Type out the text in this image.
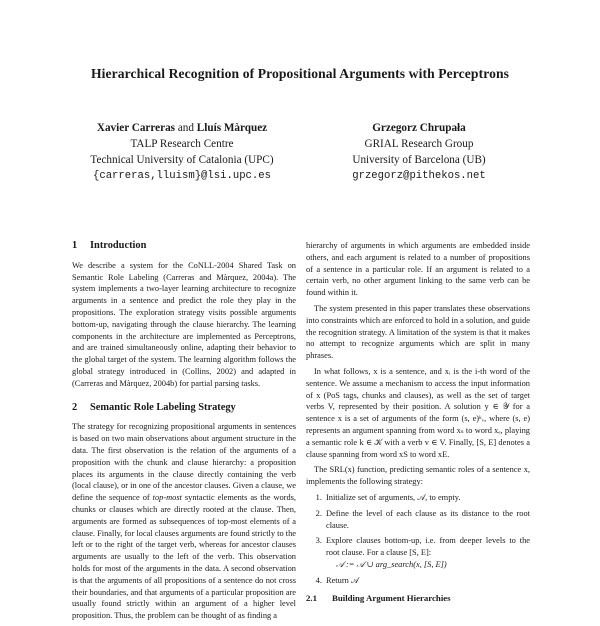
Hierarchical Recognition of Propositional Arguments with Perceptrons
Xavier Carreras and Lluís Màrquez
TALP Research Centre
Technical University of Catalonia (UPC)
{carreras,lluism}@lsi.upc.es
Grzegorz Chrupała
GRIAL Research Group
University of Barcelona (UB)
grzegorz@pithekos.net
1 Introduction

We describe a system for the CoNLL-2004 Shared Task on Semantic Role Labeling (Carreras and Màrquez, 2004a). The system implements a two-layer learning architecture to recognize arguments in a sentence and predict the role they play in the propositions. The exploration strategy visits possible arguments bottom-up, navigating through the clause hierarchy. The learning components in the architecture are implemented as Perceptrons, and are trained simultaneously online, adapting their behavior to the global target of the system. The learning algorithm follows the global strategy introduced in (Collins, 2002) and adapted in (Carreras and Màrquez, 2004b) for partial parsing tasks.

2 Semantic Role Labeling Strategy

The strategy for recognizing propositional arguments in sentences is based on two main observations about argument structure in the data. The first observation is the relation of the arguments of a proposition with the chunk and clause hierarchy: a proposition places its arguments in the clause directly containing the verb (local clause), or in one of the ancestor clauses. Given a clause, we define the sequence of top-most syntactic elements as the words, chunks or clauses which are directly rooted at the clause. Then, arguments are formed as subsequences of top-most elements of a clause. Finally, for local clauses arguments are found strictly to the left or to the right of the target verb, whereas for ancestor clauses arguments are usually to the left of the verb. This observation holds for most of the arguments in the data. A second observation is that the arguments of all propositions of a sentence do not cross their boundaries, and that arguments of a particular proposition are usually found strictly within an argument of a higher level proposition. Thus, the problem can be thought of as finding a

hierarchy of arguments in which arguments are embedded inside others, and each argument is related to a number of propositions of a sentence in a particular role. If an argument is related to a certain verb, no other argument linking to the same verb can be found within it.

The system presented in this paper translates these observations into constraints which are enforced to hold in a solution, and guide the recognition strategy. A limitation of the system is that it makes no attempt to recognize arguments which are split in many phrases.

In what follows, x is a sentence, and xᵢ is the i-th word of the sentence. We assume a mechanism to access the input information of x (PoS tags, chunks and clauses), as well as the set of target verbs V, represented by their position. A solution y ∈ 𝒴 for a sentence x is a set of arguments of the form (s, e)ᵏᵥ, where (s, e) represents an argument spanning from word xₛ to word xₑ, playing a semantic role k ∈ 𝒦 with a verb v ∈ V. Finally, [S, E] denotes a clause spanning from word xS to word xE.

The SRL(x) function, predicting semantic roles of a sentence x, implements the following strategy:

1. Initialize set of arguments, 𝒜, to empty.
2. Define the level of each clause as its distance to the root clause.
3. Explore clauses bottom-up, i.e. from deeper levels to the root clause. For a clause [S, E]:
𝒜 := 𝒜 ∪ arg_search(x, [S, E])
4. Return 𝒜
2.1 Building Argument Hierarchies
